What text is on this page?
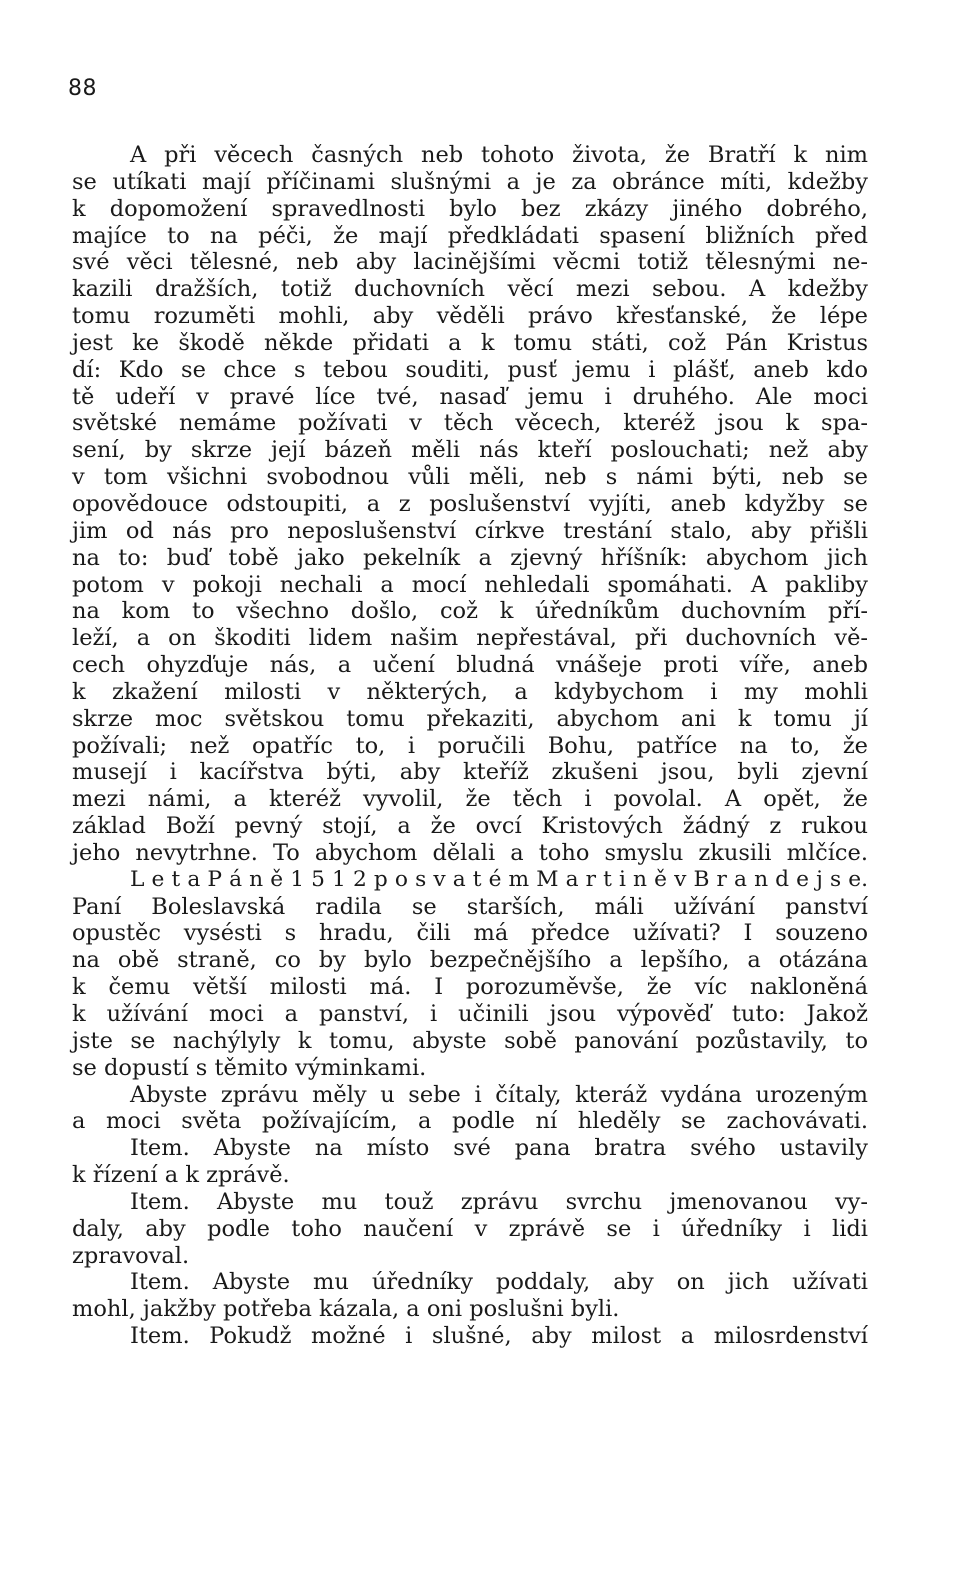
88
A při věcech časných neb tohoto života, že Bratří k nim
se utíkati mají příčinami slušnými a je za obránce míti, kdežby
k dopomožení spravedlnosti bylo bez zkázy jiného dobrého,
majíce to na péči, že mají předkládati spasení bližních před
své věci tělesné, neb aby lacinějšími věcmi totiž tělesnými ne-
kazili dražších, totiž duchovních věcí mezi sebou. A kdežby
tomu rozuměti mohli, aby věděli právo křesťanské, že lépe
jest ke škodě někde přidati a k tomu státi, což Pán Kristus
dí: Kdo se chce s tebou souditi, pusť jemu i plášť, aneb kdo
tě udeří v pravé líce tvé, nasaď jemu i druhého. Ale moci
světské nemáme požívati v těch věcech, kteréž jsou k spa-
sení, by skrze její bázeň měli nás kteří poslouchati; než aby
v tom všichni svobodnou vůli měli, neb s námi býti, neb se
opovědouce odstoupiti, a z poslušenství vyjíti, aneb kdyžby se
jim od nás pro neposlušenství církve trestání stalo, aby přišli
na to: buď tobě jako pekelník a zjevný hříšník: abychom jich
potom v pokoji nechali a mocí nehledali spomáhati. A pakliby
na kom to všechno došlo, což k úředníkům duchovním pří-
leží, a on škoditi lidem našim nepřestával, při duchovních vě-
cech ohyzďuje nás, a učení bludná vnášeje proti víře, aneb
k zkažení milosti v některých, a kdybychom i my mohli
skrze moc světskou tomu překaziti, abychom ani k tomu jí
požívali; než opatříc to, i poručili Bohu, patříce na to, že
musejí i kacířstva býti, aby kteříž zkušeni jsou, byli zjevní
mezi námi, a kteréž vyvolil, že těch i povolal. A opět, že
základ Boží pevný stojí, a že ovcí Kristových žádný z rukou
jeho nevytrhne. To abychom dělali a toho smyslu zkusili mlčíce.
L e t a P á n ě 1 5 1 2 p o s v a t é m M a r t i n ě v B r a n d e j s e.
Paní Boleslavská radila se starších, máli užívání panství
opustěc vysésti s hradu, čili má předce užívati? I souzeno
na obě straně, co by bylo bezpečnějšího a lepšího, a otázána
k čemu větší milosti má. I porozuměvše, že víc nakloněná
k užívání moci a panství, i učinili jsou výpověď tuto: Jakož
jste se nachýlyly k tomu, abyste sobě panování pozůstavily, to
se dopustí s těmito výminkami.
Abyste zprávu měly u sebe i čítaly, kteráž vydána urozeným
a moci světa požívajícím, a podle ní hleděly se zachovávati.
Item. Abyste na místo své pana bratra svého ustavily
k řízení a k zprávě.
Item. Abyste mu touž zprávu svrchu jmenovanou vy-
daly, aby podle toho naučení v zprávě se i úředníky i lidi
zpravoval.
Item. Abyste mu úředníky poddaly, aby on jich užívati
mohl, jakžby potřeba kázala, a oni poslušni byli.
Item. Pokudž možné i slušné, aby milost a milosrdenství
